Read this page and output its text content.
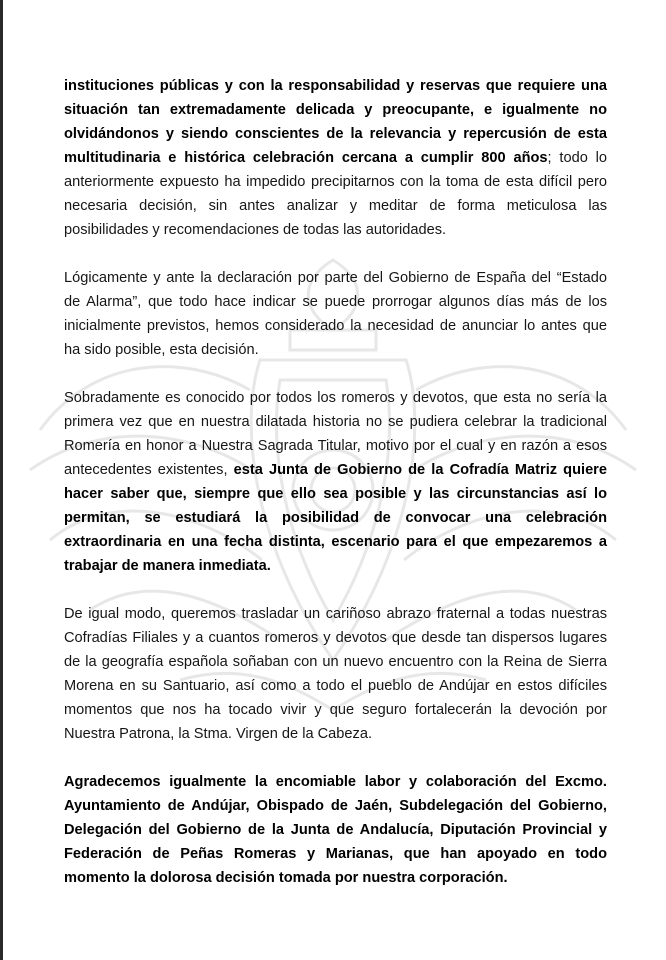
instituciones públicas y con la responsabilidad y reservas que requiere una situación tan extremadamente delicada y preocupante, e igualmente no olvidándonos y siendo conscientes de la relevancia y repercusión de esta multitudinaria e histórica celebración cercana a cumplir 800 años; todo lo anteriormente expuesto ha impedido precipitarnos con la toma de esta difícil pero necesaria decisión, sin antes analizar y meditar de forma meticulosa las posibilidades y recomendaciones de todas las autoridades.

Lógicamente y ante la declaración por parte del Gobierno de España del “Estado de Alarma”, que todo hace indicar se puede prorrogar algunos días más de los inicialmente previstos, hemos considerado la necesidad de anunciar lo antes que ha sido posible, esta decisión.

Sobradamente es conocido por todos los romeros y devotos, que esta no sería la primera vez que en nuestra dilatada historia no se pudiera celebrar la tradicional Romería en honor a Nuestra Sagrada Titular, motivo por el cual y en razón a esos antecedentes existentes, esta Junta de Gobierno de la Cofradía Matriz quiere hacer saber que, siempre que ello sea posible y las circunstancias así lo permitan, se estudiará la posibilidad de convocar una celebración extraordinaria en una fecha distinta, escenario para el que empezaremos a trabajar de manera inmediata.

De igual modo, queremos trasladar un cariñoso abrazo fraternal a todas nuestras Cofradías Filiales y a cuantos romeros y devotos que desde tan dispersos lugares de la geografía española soñaban con un nuevo encuentro con la Reina de Sierra Morena en su Santuario, así como a todo el pueblo de Andújar en estos difíciles momentos que nos ha tocado vivir y que seguro fortalecerán la devoción por Nuestra Patrona, la Stma. Virgen de la Cabeza.

Agradecemos igualmente la encomiable labor y colaboración del Excmo. Ayuntamiento de Andújar, Obispado de Jaén, Subdelegación del Gobierno, Delegación del Gobierno de la Junta de Andalucía, Diputación Provincial y Federación de Peñas Romeras y Marianas, que han apoyado en todo momento la dolorosa decisión tomada por nuestra corporación.
